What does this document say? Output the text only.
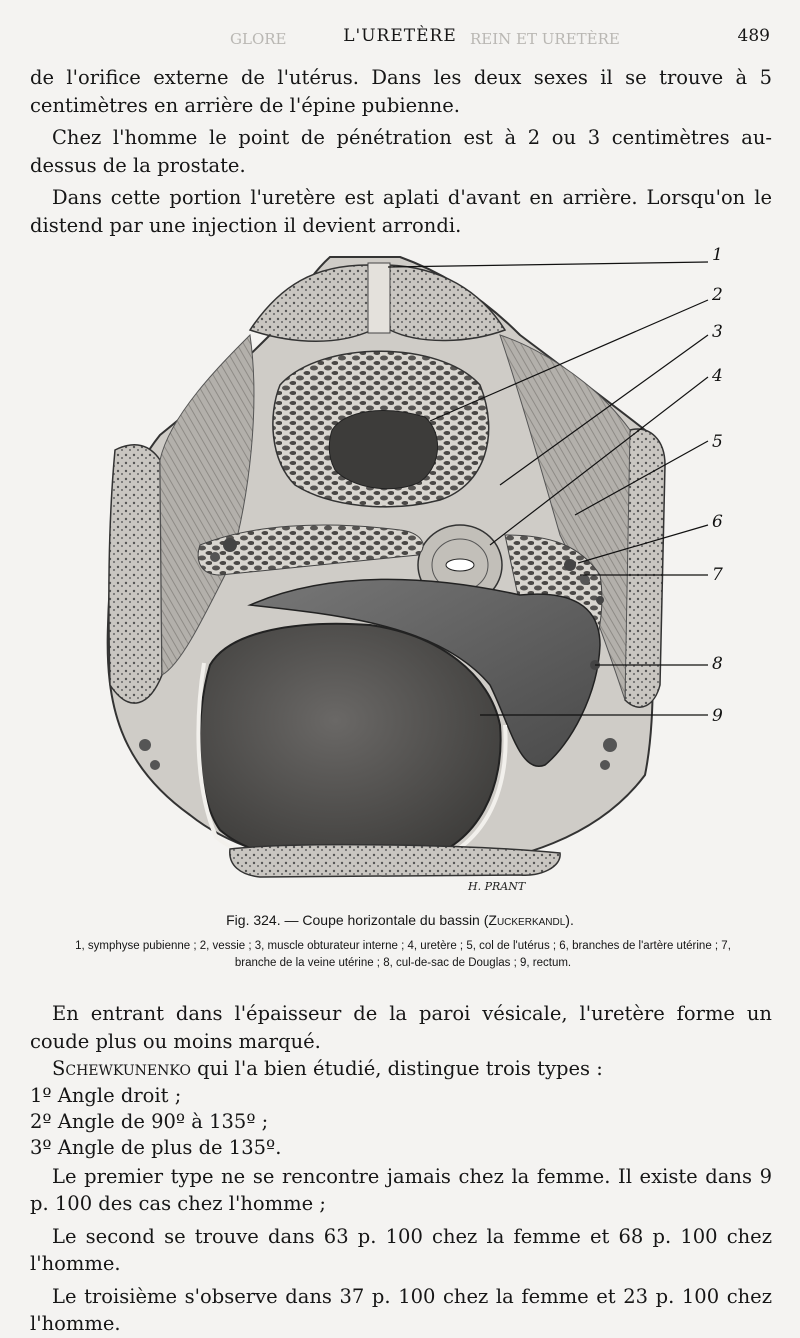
GLORE	REIN ET URETÈRE
L'URETÈRE	489

de l'orifice externe de l'utérus. Dans les deux sexes il se trouve à 5 centimètres en arrière de l'épine pubienne.

Chez l'homme le point de pénétration est à 2 ou 3 centimètres au-dessus de la prostate.

Dans cette portion l'uretère est aplati d'avant en arrière. Lorsqu'on le distend par une injection il devient arrondi.

1
2
3
4
5
6
7
8
9
H. PRANT
Fig. 324. — Coupe horizontale du bassin (Zuckerkandl).
1, symphyse pubienne ; 2, vessie ; 3, muscle obturateur interne ; 4, uretère ; 5, col de l'utérus ; 6, branches de l'artère utérine ; 7, branche de la veine utérine ; 8, cul-de-sac de Douglas ; 9, rectum.

En entrant dans l'épaisseur de la paroi vésicale, l'uretère forme un coude plus ou moins marqué.

Schewkunenko qui l'a bien étudié, distingue trois types :

1º Angle droit ;

2º Angle de 90º à 135º ;

3º Angle de plus de 135º.

Le premier type ne se rencontre jamais chez la femme. Il existe dans 9 p. 100 des cas chez l'homme ;

Le second se trouve dans 63 p. 100 chez la femme et 68 p. 100 chez l'homme.

Le troisième s'observe dans 37 p. 100 chez la femme et 23 p. 100 chez l'homme.
